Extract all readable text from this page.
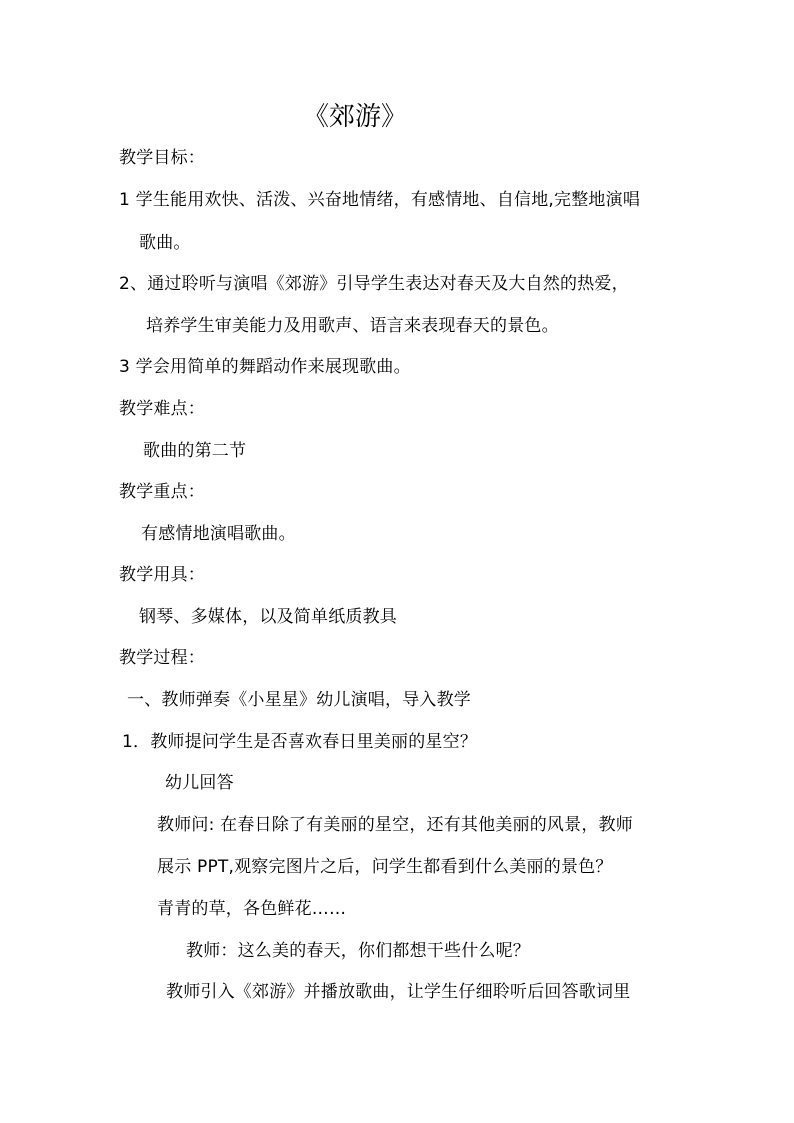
《郊游》
教学目标：
1 学生能用欢快、活泼、兴奋地情绪，有感情地、自信地,完整地演唱
歌曲。
2、通过聆听与演唱《郊游》引导学生表达对春天及大自然的热爱，
培养学生审美能力及用歌声、语言来表现春天的景色。
3 学会用简单的舞蹈动作来展现歌曲。
教学难点：
歌曲的第二节
教学重点：
有感情地演唱歌曲。
教学用具：
钢琴、多媒体，以及简单纸质教具
教学过程：
一、教师弹奏《小星星》幼儿演唱，导入教学
1．教师提问学生是否喜欢春日里美丽的星空？
幼儿回答
教师问: 在春日除了有美丽的星空，还有其他美丽的风景，教师
展示 PPT,观察完图片之后，问学生都看到什么美丽的景色？
青青的草，各色鲜花……
教师：这么美的春天，你们都想干些什么呢？
教师引入《郊游》并播放歌曲，让学生仔细聆听后回答歌词里
